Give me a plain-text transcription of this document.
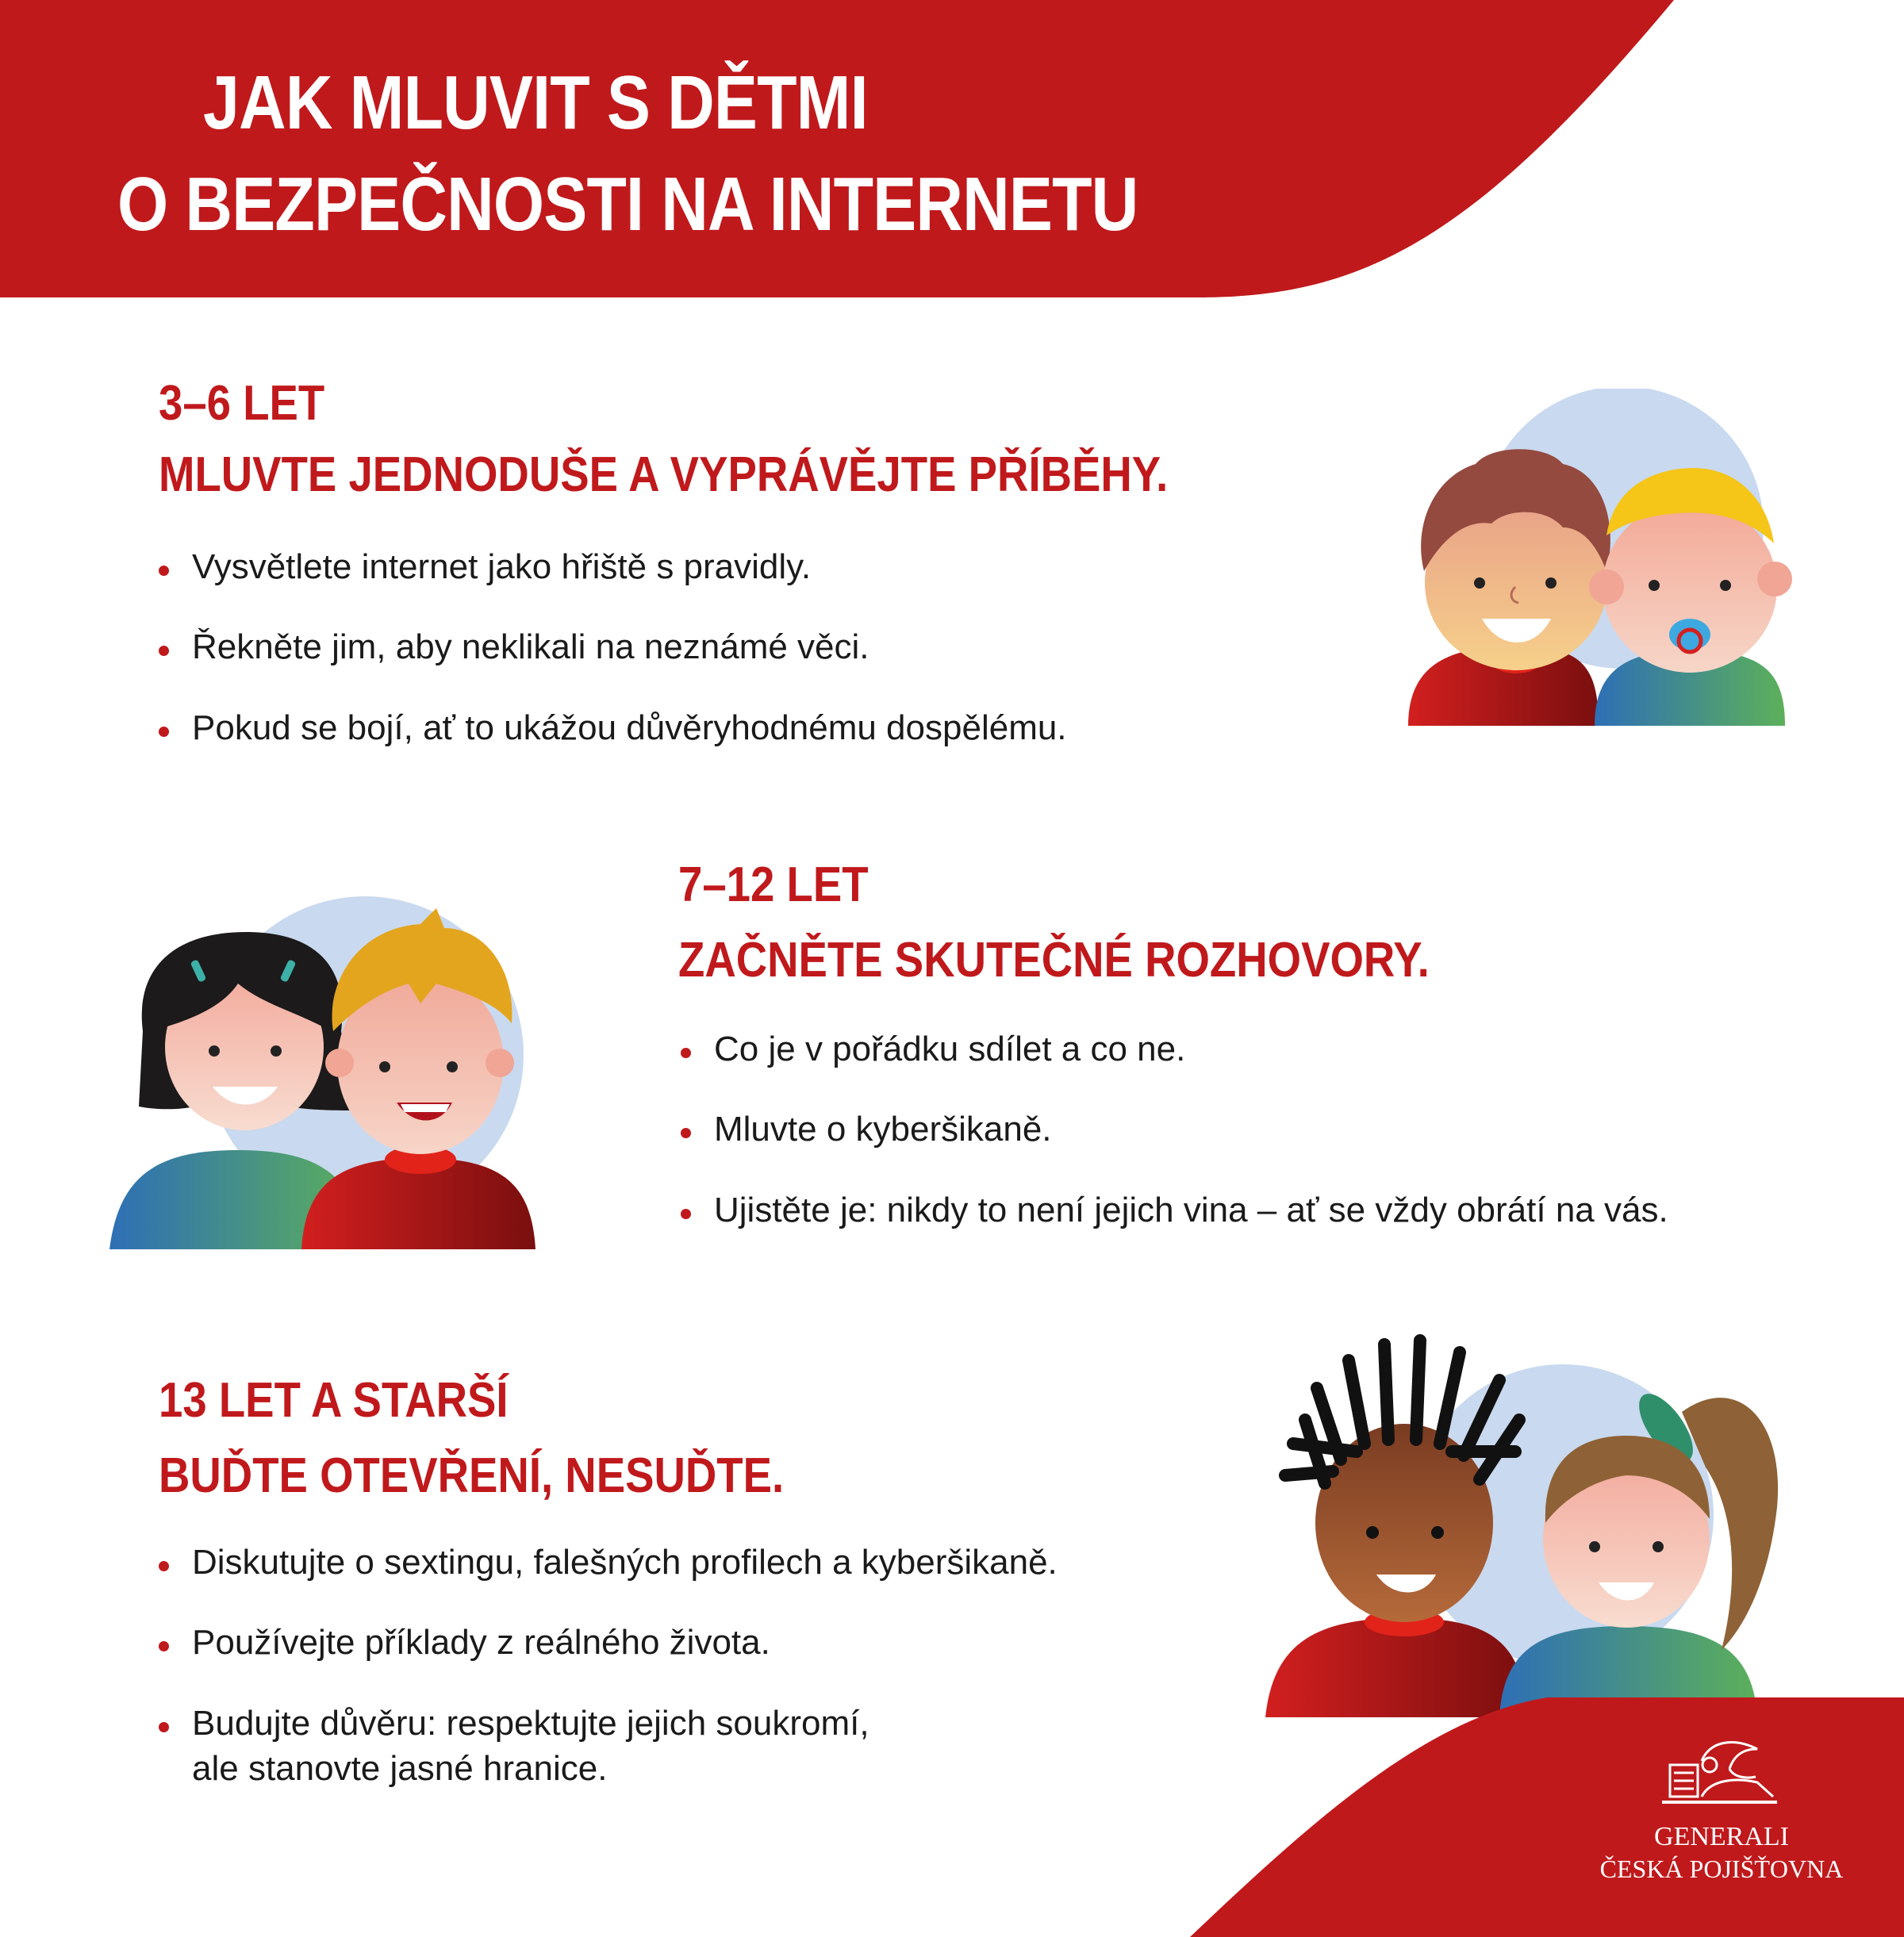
JAK MLUVIT S DĚTMI
O BEZPEČNOSTI NA INTERNETU
3–6 LET
MLUVTE JEDNODUŠE A VYPRÁVĚJTE PŘÍBĚHY.
Vysvětlete internet jako hřiště s pravidly.
Řekněte jim, aby neklikali na neznámé věci.
Pokud se bojí, ať to ukážou důvěryhodnému dospělému.
7–12 LET
ZAČNĚTE SKUTEČNÉ ROZHOVORY.
Co je v pořádku sdílet a co ne.
Mluvte o kyberšikaně.
Ujistěte je: nikdy to není jejich vina – ať se vždy obrátí na vás.
13 LET A STARŠÍ
BUĎTE OTEVŘENÍ, NESUĎTE.
Diskutujte o sextingu, falešných profilech a kyberšikaně.
Používejte příklady z reálného života.
Budujte důvěru: respektujte jejich soukromí,
ale stanovte jasné hranice.

GENERALI

ČESKÁ POJIŠŤOVNA
